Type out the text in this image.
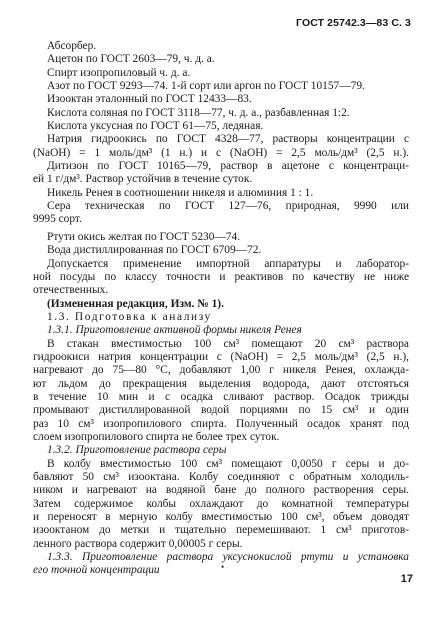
ГОСТ 25742.3—83 С. 3
Абсорбер.
Ацетон по ГОСТ 2603—79, ч. д. а.
Спирт изопропиловый ч. д. а.
Азот по ГОСТ 9293—74. 1-й сорт или аргон по ГОСТ 10157—79.
Изооктан эталонный по ГОСТ 12433—83.
Кислота соляная по ГОСТ 3118—77, ч. д. а., разбавленная 1:2.
Кислота уксусная по ГОСТ 61—75, ледяная.
Натрия гидроокись по ГОСТ 4328—77, растворы концентрации c
(NaOH) = 1 моль/дм³ (1 н.) и c (NaOH) = 2,5 моль/дм³ (2,5 н.).
Дитизон по ГОСТ 10165—79, раствор в ацетоне с концентраци-
ей 1 г/дм³. Раствор устойчив в течение суток.
Никель Ренея в соотношении никеля и алюминия 1 : 1.
Сера техническая по ГОСТ 127—76, природная, 9990 или
9995 сорт.
Ртути окись желтая по ГОСТ 5230—74.
Вода дистиллированная по ГОСТ 6709—72.
Допускается применение импортной аппаратуры и лаборатор-
ной посуды по классу точности и реактивов по качеству не ниже
отечественных.
(Измененная редакция, Изм. № 1).
1.3. Подготовка к анализу
1.3.1. Приготовление активной формы никеля Ренея
В стакан вместимостью 100 см³ помещают 20 см³ раствора
гидроокиси натрия концентрации c (NaOH) = 2,5 моль/дм³ (2,5 н.),
нагревают до 75—80 °C, добавляют 1,00 г никеля Ренея, охлажда-
ют льдом до прекращения выделения водорода, дают отстояться
в течение 10 мин и с осадка сливают раствор. Осадок трижды
промывают дистиллированной водой порциями по 15 см³ и один
раз 10 см³ изопропилового спирта. Полученный осадок хранят под
слоем изопропилового спирта не более трех суток.
1.3.2. Приготовление раствора серы
В колбу вместимостью 100 см³ помещают 0,0050 г серы и до-
бавляют 50 см³ изооктана. Колбу соединяют с обратным холодиль-
ником и нагревают на водяной бане до полного растворения серы.
Затем содержимое колбы охлаждают до комнатной температуры
и переносят в мерную колбу вместимостью 100 см³, объем доводят
изооктаном до метки и тщательно перемешивают. 1 см³ приготов-
ленного раствора содержит 0,00005 г серы.
1.3.3. Приготовление раствора уксуснокислой ртути и установка
его точной концентрации	•
17
